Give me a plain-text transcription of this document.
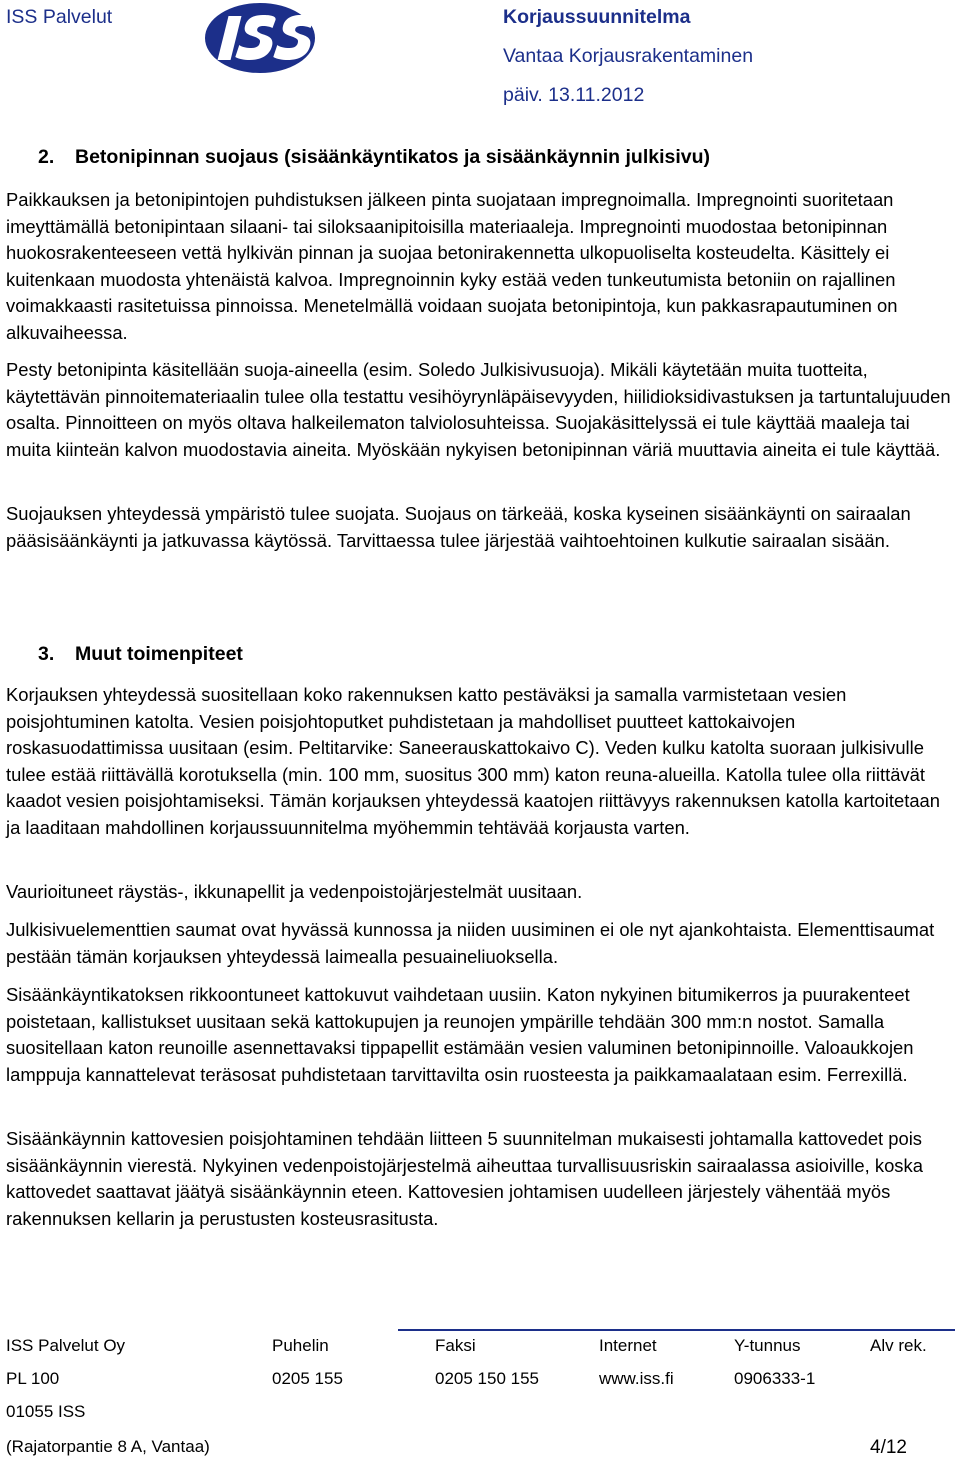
ISS Palvelut	Korjaussuunnitelma
Vantaa Korjausrakentaminen
päiv. 13.11.2012
2. Betonipinnan suojaus (sisäänkäyntikatos ja sisäänkäynnin julkisivu)

Paikkauksen ja betonipintojen puhdistuksen jälkeen pinta suojataan impregnoimalla. Impregnointi suoritetaan imeyttämällä betonipintaan silaani- tai siloksaanipitoisilla materiaaleja. Impregnointi muodostaa betonipinnan huokosrakenteeseen vettä hylkivän pinnan ja suojaa betonirakennetta ulkopuoliselta kosteudelta. Käsittely ei kuitenkaan muodosta yhtenäistä kalvoa. Impregnoinnin kyky estää veden tunkeutumista betoniin on rajallinen voimakkaasti rasitetuissa pinnoissa. Menetelmällä voidaan suojata betonipintoja, kun pakkasrapautuminen on alkuvaiheessa.

Pesty betonipinta käsitellään suoja-aineella (esim. Soledo Julkisivusuoja). Mikäli käytetään muita tuotteita, käytettävän pinnoitemateriaalin tulee olla testattu vesihöyrynläpäisevyyden, hiilidioksidivastuksen ja tartuntalujuuden osalta. Pinnoitteen on myös oltava halkeilematon talviolosuhteissa. Suojakäsittelyssä ei tule käyttää maaleja tai muita kiinteän kalvon muodostavia aineita. Myöskään nykyisen betonipinnan väriä muuttavia aineita ei tule käyttää.

Suojauksen yhteydessä ympäristö tulee suojata. Suojaus on tärkeää, koska kyseinen sisäänkäynti on sairaalan pääsisäänkäynti ja jatkuvassa käytössä. Tarvittaessa tulee järjestää vaihtoehtoinen kulkutie sairaalan sisään.

3. Muut toimenpiteet

Korjauksen yhteydessä suositellaan koko rakennuksen katto pestäväksi ja samalla varmistetaan vesien poisjohtuminen katolta. Vesien poisjohtoputket puhdistetaan ja mahdolliset puutteet kattokaivojen roskasuodattimissa uusitaan (esim. Peltitarvike: Saneerauskattokaivo C). Veden kulku katolta suoraan julkisivulle tulee estää riittävällä korotuksella (min. 100 mm, suositus 300 mm) katon reuna-alueilla. Katolla tulee olla riittävät kaadot vesien poisjohtamiseksi. Tämän korjauksen yhteydessä kaatojen riittävyys rakennuksen katolla kartoitetaan ja laaditaan mahdollinen korjaussuunnitelma myöhemmin tehtävää korjausta varten.

Vaurioituneet räystäs-, ikkunapellit ja vedenpoistojärjestelmät uusitaan.

Julkisivuelementtien saumat ovat hyvässä kunnossa ja niiden uusiminen ei ole nyt ajankohtaista. Elementtisaumat pestään tämän korjauksen yhteydessä laimealla pesuaineliuoksella.

Sisäänkäyntikatoksen rikkoontuneet kattokuvut vaihdetaan uusiin. Katon nykyinen bitumikerros ja puurakenteet poistetaan, kallistukset uusitaan sekä kattokupujen ja reunojen ympärille tehdään 300 mm:n nostot. Samalla suositellaan katon reunoille asennettavaksi tippapellit estämään vesien valuminen betonipinnoille. Valoaukkojen lamppuja kannattelevat teräsosat puhdistetaan tarvittavilta osin ruosteesta ja paikkamaalataan esim. Ferrexillä.

Sisäänkäynnin kattovesien poisjohtaminen tehdään liitteen 5 suunnitelman mukaisesti johtamalla kattovedet pois sisäänkäynnin vierestä. Nykyinen vedenpoistojärjestelmä aiheuttaa turvallisuusriskin sairaalassa asioiville, koska kattovedet saattavat jäätyä sisäänkäynnin eteen. Kattovesien johtamisen uudelleen järjestely vähentää myös rakennuksen kellarin ja perustusten kosteusrasitusta.

ISS Palvelut Oy	Puhelin	Faksi	Internet	Y-tunnus	Alv rek.
PL 100	0205 155	0205 150 155	www.iss.fi	0906333-1
01055 ISS
(Rajatorpantie 8 A, Vantaa)	4/12
